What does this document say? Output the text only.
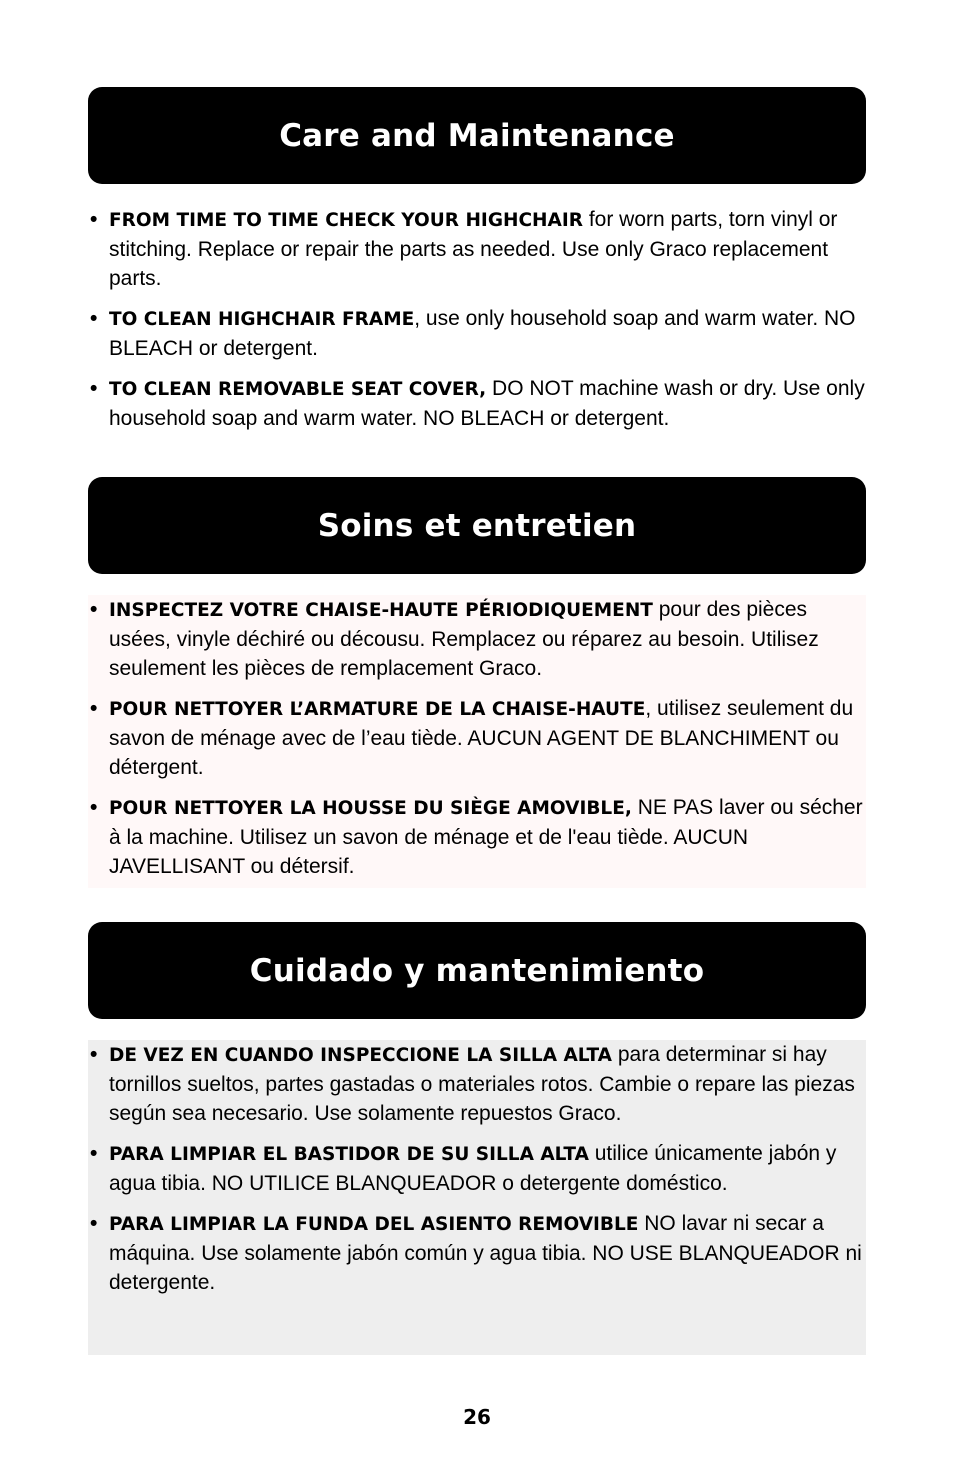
Care and Maintenance
• FROM TIME TO TIME CHECK YOUR HIGHCHAIR for worn parts, torn vinyl or stitching. Replace or repair the parts as needed. Use only Graco replacement parts.
• TO CLEAN HIGHCHAIR FRAME, use only household soap and warm water. NO BLEACH or detergent.
• TO CLEAN REMOVABLE SEAT COVER, DO NOT machine wash or dry. Use only household soap and warm water. NO BLEACH or detergent.
Soins et entretien
• INSPECTEZ VOTRE CHAISE-HAUTE PÉRIODIQUEMENT pour des pièces usées, vinyle déchiré ou décousu. Remplacez ou réparez au besoin. Utilisez seulement les pièces de remplacement Graco.
• POUR NETTOYER L’ARMATURE DE LA CHAISE-HAUTE, utilisez seulement du savon de ménage avec de l’eau tiède. AUCUN AGENT DE BLANCHIMENT ou détergent.
• POUR NETTOYER LA HOUSSE DU SIÈGE AMOVIBLE, NE PAS laver ou sécher à la machine. Utilisez un savon de ménage et de l'eau tiède. AUCUN JAVELLISANT ou détersif.
Cuidado y mantenimiento
• DE VEZ EN CUANDO INSPECCIONE LA SILLA ALTA para determinar si hay tornillos sueltos, partes gastadas o materiales rotos. Cambie o repare las piezas según sea necesario. Use solamente repuestos Graco.
• PARA LIMPIAR EL BASTIDOR DE SU SILLA ALTA utilice únicamente jabón y agua tibia. NO UTILICE BLANQUEADOR o detergente doméstico.
• PARA LIMPIAR LA FUNDA DEL ASIENTO REMOVIBLE NO lavar ni secar a máquina. Use solamente jabón común y agua tibia. NO USE BLANQUEADOR ni detergente.
26
